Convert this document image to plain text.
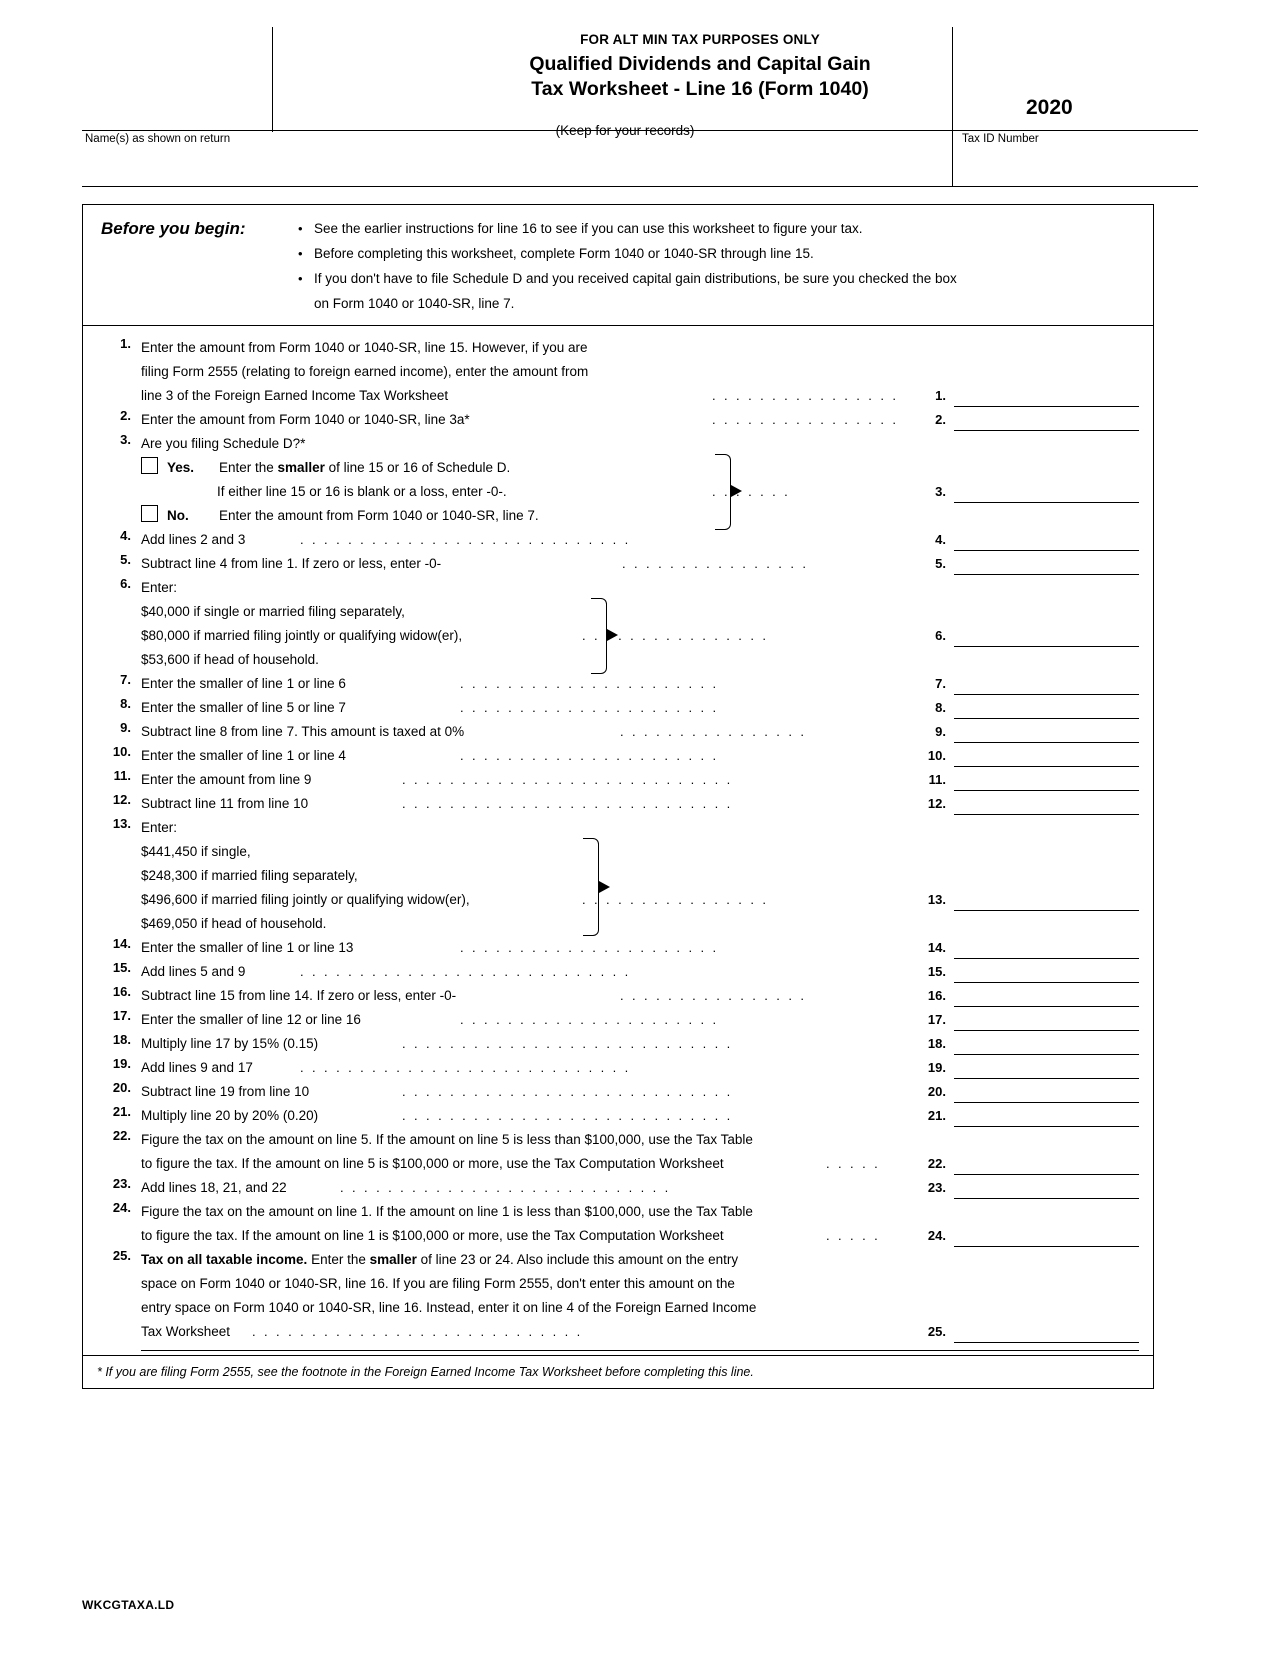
FOR ALT MIN TAX PURPOSES ONLY
Qualified Dividends and Capital Gain
Tax Worksheet - Line 16 (Form 1040)
(Keep for your records)
2020
Name(s) as shown on return	Tax ID Number
Before you begin:	• See the earlier instructions for line 16 to see if you can use this worksheet to figure your tax.
• Before completing this worksheet, complete Form 1040 or 1040-SR through line 15.
• If you don't have to file Schedule D and you received capital gain distributions, be sure you checked the box
on Form 1040 or 1040-SR, line 7.
1. Enter the amount from Form 1040 or 1040-SR, line 15. However, if you are
filing Form 2555 (relating to foreign earned income), enter the amount from
line 3 of the Foreign Earned Income Tax Worksheet	. . . . . . . . . . . . . . . .	1.
2. Enter the amount from Form 1040 or 1040-SR, line 3a*	. . . . . . . . . . . . . . . .	2.
3. Are you filing Schedule D?*
Yes. Enter the smaller of line 15 or 16 of Schedule D.
If either line 15 or 16 is blank or a loss, enter -0-.	. . . . . . .	3.
No. Enter the amount from Form 1040 or 1040-SR, line 7.
4. Add lines 2 and 3	. . . . . . . . . . . . . . . . . . . . . . . . . . . .	4.
5. Subtract line 4 from line 1. If zero or less, enter -0-	. . . . . . . . . . . . . . . .	5.
6. Enter:
$40,000 if single or married filing separately,
$80,000 if married filing jointly or qualifying widow(er),	. . . . . . . . . . . . . . . .	6.
$53,600 if head of household.
7. Enter the smaller of line 1 or line 6	. . . . . . . . . . . . . . . . . . . . . .	7.
8. Enter the smaller of line 5 or line 7	. . . . . . . . . . . . . . . . . . . . . .	8.
9. Subtract line 8 from line 7. This amount is taxed at 0%	. . . . . . . . . . . . . . . .	9.
10. Enter the smaller of line 1 or line 4	. . . . . . . . . . . . . . . . . . . . . .	10.
11. Enter the amount from line 9	. . . . . . . . . . . . . . . . . . . . . . . . . . . .	11.
12. Subtract line 11 from line 10	. . . . . . . . . . . . . . . . . . . . . . . . . . . .	12.
13. Enter:
$441,450 if single,
$248,300 if married filing separately,
$496,600 if married filing jointly or qualifying widow(er),	. . . . . . . . . . . . . . . .	13.
$469,050 if head of household.
14. Enter the smaller of line 1 or line 13	. . . . . . . . . . . . . . . . . . . . . .	14.
15. Add lines 5 and 9	. . . . . . . . . . . . . . . . . . . . . . . . . . . .	15.
16. Subtract line 15 from line 14. If zero or less, enter -0-	. . . . . . . . . . . . . . . .	16.
17. Enter the smaller of line 12 or line 16	. . . . . . . . . . . . . . . . . . . . . .	17.
18. Multiply line 17 by 15% (0.15)	. . . . . . . . . . . . . . . . . . . . . . . . . . . .	18.
19. Add lines 9 and 17	. . . . . . . . . . . . . . . . . . . . . . . . . . . .	19.
20. Subtract line 19 from line 10	. . . . . . . . . . . . . . . . . . . . . . . . . . . .	20.
21. Multiply line 20 by 20% (0.20)	. . . . . . . . . . . . . . . . . . . . . . . . . . . .	21.
22. Figure the tax on the amount on line 5. If the amount on line 5 is less than $100,000, use the Tax Table
to figure the tax. If the amount on line 5 is $100,000 or more, use the Tax Computation Worksheet	. . . . .	22.
23. Add lines 18, 21, and 22	. . . . . . . . . . . . . . . . . . . . . . . . . . . .	23.
24. Figure the tax on the amount on line 1. If the amount on line 1 is less than $100,000, use the Tax Table
to figure the tax. If the amount on line 1 is $100,000 or more, use the Tax Computation Worksheet	. . . . .	24.
25. Tax on all taxable income. Enter the smaller of line 23 or 24. Also include this amount on the entry
space on Form 1040 or 1040-SR, line 16. If you are filing Form 2555, don't enter this amount on the
entry space on Form 1040 or 1040-SR, line 16. Instead, enter it on line 4 of the Foreign Earned Income
Tax Worksheet	. . . . . . . . . . . . . . . . . . . . . . . . . . . .	25.
* If you are filing Form 2555, see the footnote in the Foreign Earned Income Tax Worksheet before completing this line.
WKCGTAXA.LD
